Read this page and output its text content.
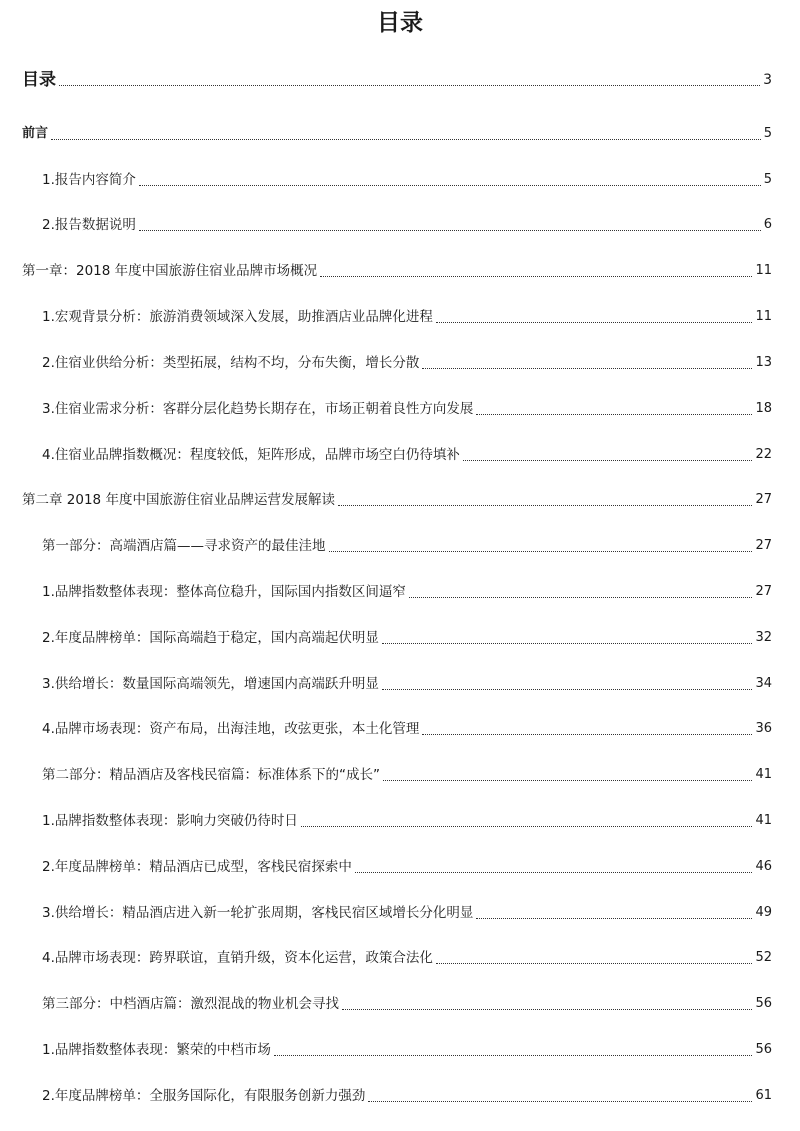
目录
目录	3
前言	5
1.报告内容简介	5
2.报告数据说明	6
第一章：2018 年度中国旅游住宿业品牌市场概况	11
1.宏观背景分析：旅游消费领域深入发展，助推酒店业品牌化进程	11
2.住宿业供给分析：类型拓展，结构不均，分布失衡，增长分散	13
3.住宿业需求分析：客群分层化趋势长期存在，市场正朝着良性方向发展	18
4.住宿业品牌指数概况：程度较低，矩阵形成，品牌市场空白仍待填补	22
第二章 2018 年度中国旅游住宿业品牌运营发展解读	27
第一部分：高端酒店篇——寻求资产的最佳洼地	27
1.品牌指数整体表现：整体高位稳升，国际国内指数区间逼窄	27
2.年度品牌榜单：国际高端趋于稳定，国内高端起伏明显	32
3.供给增长：数量国际高端领先，增速国内高端跃升明显	34
4.品牌市场表现：资产布局，出海洼地，改弦更张，本土化管理	36
第二部分：精品酒店及客栈民宿篇：标准体系下的“成长”	41
1.品牌指数整体表现：影响力突破仍待时日	41
2.年度品牌榜单：精品酒店已成型，客栈民宿探索中	46
3.供给增长：精品酒店进入新一轮扩张周期，客栈民宿区域增长分化明显	49
4.品牌市场表现：跨界联谊，直销升级，资本化运营，政策合法化	52
第三部分：中档酒店篇：激烈混战的物业机会寻找	56
1.品牌指数整体表现：繁荣的中档市场	56
2.年度品牌榜单：全服务国际化，有限服务创新力强劲	61
